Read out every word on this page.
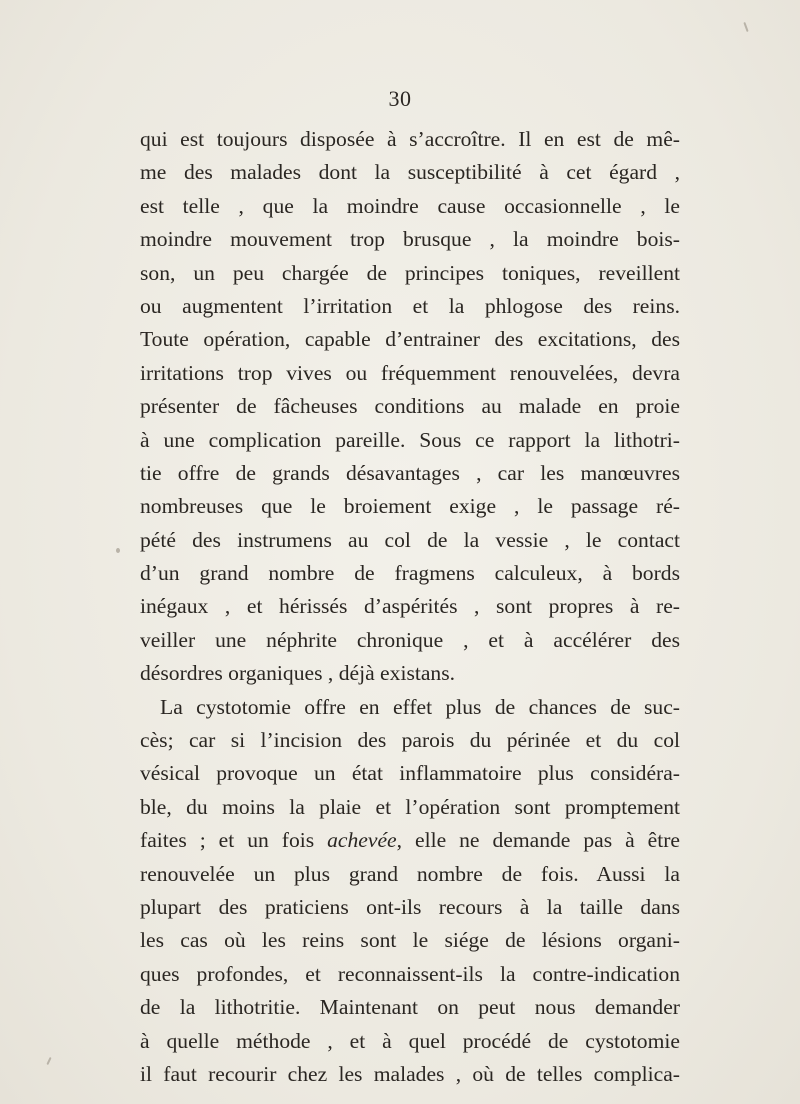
30
qui est toujours disposée à s’accroître. Il en est de mê-
me des malades dont la susceptibilité à cet égard ,
est telle , que la moindre cause occasionnelle , le
moindre mouvement trop brusque , la moindre bois-
son, un peu chargée de principes toniques, reveillent
ou augmentent l’irritation et la phlogose des reins.
Toute opération, capable d’entrainer des excitations, des
irritations trop vives ou fréquemment renouvelées, devra
présenter de fâcheuses conditions au malade en proie
à une complication pareille. Sous ce rapport la lithotri-
tie offre de grands désavantages , car les manœuvres
nombreuses que le broiement exige , le passage ré-
pété des instrumens au col de la vessie , le contact
d’un grand nombre de fragmens calculeux, à bords
inégaux , et hérissés d’aspérités , sont propres à re-
veiller une néphrite chronique , et à accélérer des
désordres organiques , déjà existans.
La cystotomie offre en effet plus de chances de suc-
cès; car si l’incision des parois du périnée et du col
vésical provoque un état inflammatoire plus considéra-
ble, du moins la plaie et l’opération sont promptement
faites ; et un fois achevée, elle ne demande pas à être
renouvelée un plus grand nombre de fois. Aussi la
plupart des praticiens ont-ils recours à la taille dans
les cas où les reins sont le siége de lésions organi-
ques profondes, et reconnaissent-ils la contre-indication
de la lithotritie. Maintenant on peut nous demander
à quelle méthode , et à quel procédé de cystotomie
il faut recourir chez les malades , où de telles complica-
